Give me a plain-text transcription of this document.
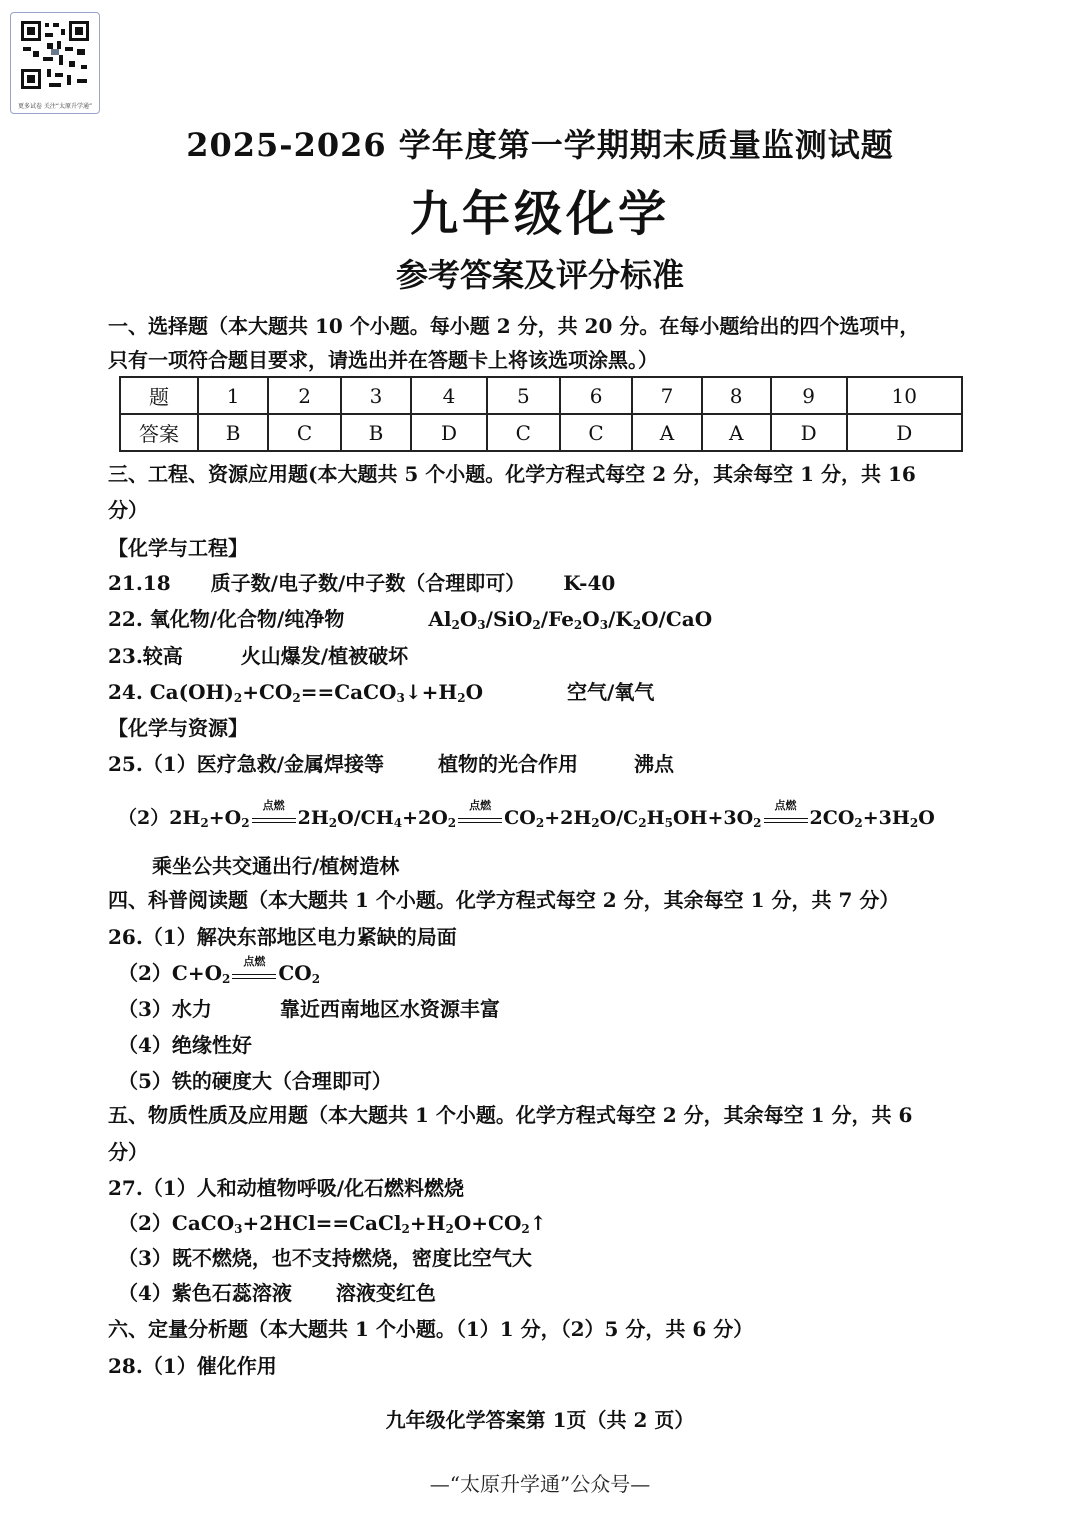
更多试卷 关注“太原升学通”
2025-2026 学年度第一学期期末质量监测试题
九年级化学
参考答案及评分标准
一、选择题（本大题共 10 个小题。每小题 2 分，共 20 分。在每小题给出的四个选项中，
只有一项符合题目要求，请选出并在答题卡上将该选项涂黑。）
题	1	2	3	4	5	6	7	8	9	10
答案	B	C	B	D	C	C	A	A	D	D
三、工程、资源应用题(本大题共 5 个小题。化学方程式每空 2 分，其余每空 1 分，共 16
分）
【化学与工程】
21.18 质子数/电子数/中子数（合理即可） K-40
22. 氧化物/化合物/纯净物	$Al_2O_3/SiO_2/Fe_2O_3/K_2O$/CaO
23.较高	火山爆发/植被破坏
24. $Ca(OH)_2+CO_2==CaCO_3↓+H_2O$	空气/氧气
【化学与资源】
25.（1）医疗急救/金属焊接等	植物的光合作用	沸点
$(2)2H_2+O_2$
点燃
$2H_2O/CH_4+2O_2$
点燃
$CO_2+2H_2O/C_2H_5OH+3O_2$
点燃
$2CO_2+3H_2O$
乘坐公共交通出行/植树造林
四、科普阅读题（本大题共 1 个小题。化学方程式每空 2 分，其余每空 1 分，共 7 分）
26.（1）解决东部地区电力紧缺的局面
$(2)C+O_2$
点燃 $CO_2$
（3）水力	靠近西南地区水资源丰富
（4）绝缘性好
（5）铁的硬度大（合理即可）
五、物质性质及应用题（本大题共 1 个小题。化学方程式每空 2 分，其余每空 1 分，共 6
分）
27.（1）人和动植物呼吸/化石燃料燃烧
$(2)CaCO_3+2HCl==CaCl_2+H_2O+CO_2↑$
（3）既不燃烧，也不支持燃烧，密度比空气大
（4）紫色石蕊溶液 溶液变红色
六、定量分析题（本大题共 1 个小题。（1）1 分，（2）5 分，共 6 分）
28.（1）催化作用
九年级化学答案第 1页（共 2 页）
—“太原升学通”公众号—
